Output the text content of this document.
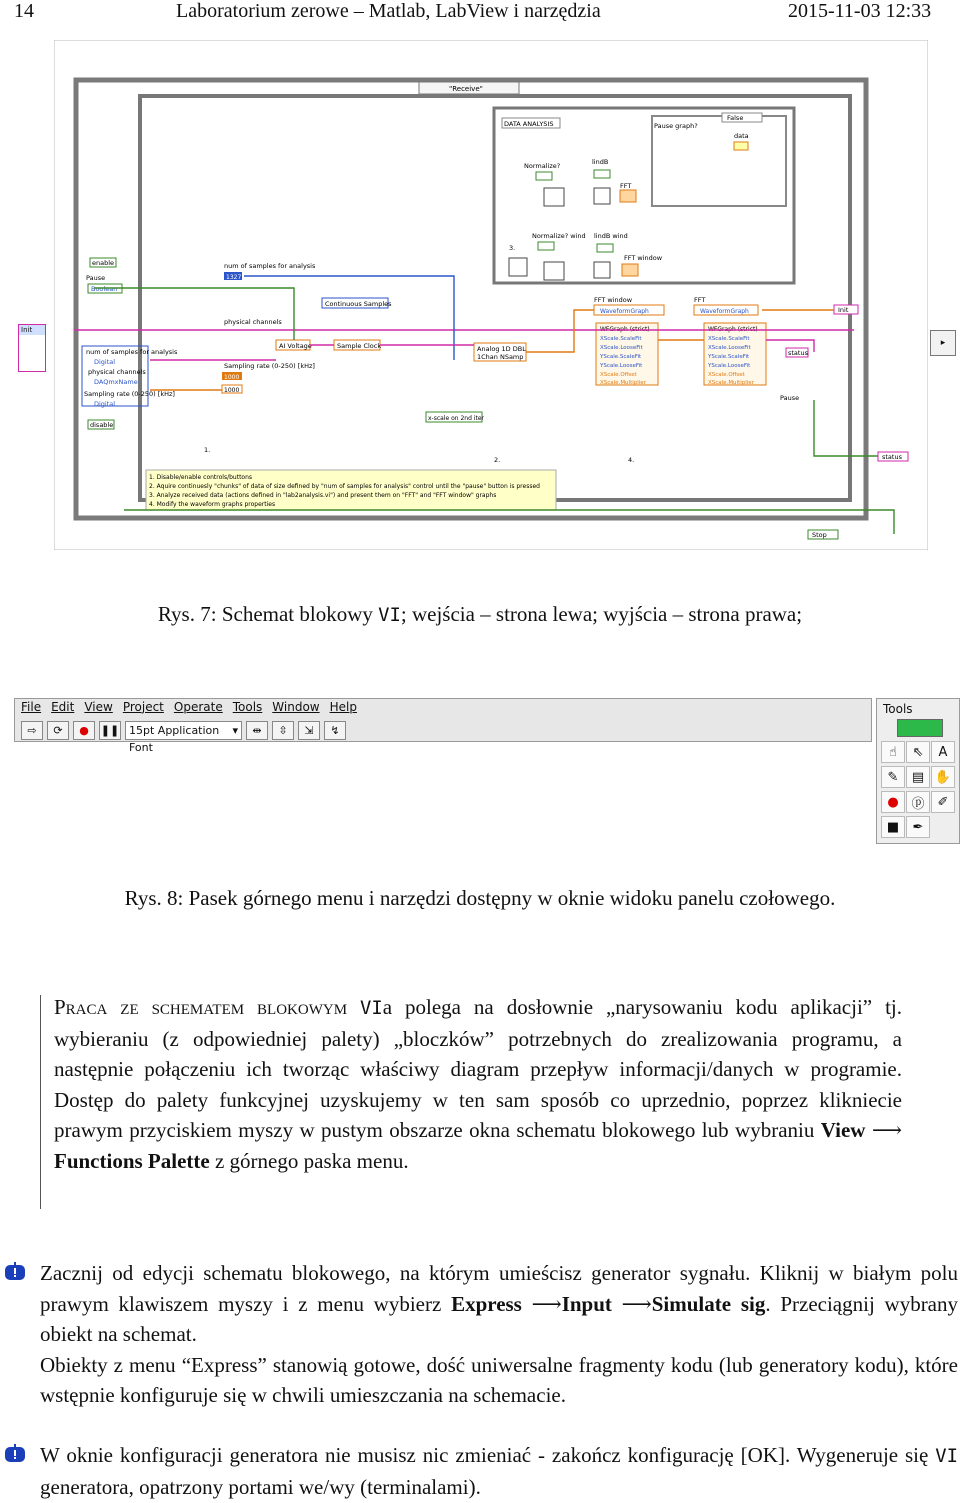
14	Laboratorium zerowe – Matlab, LabView i narzędzia	2015-11-03 12:33
"Receive"
DATA ANALYSIS
False
Pause graph?
data
Normalize?	lindB
FFT
3.
Normalize? wind lindB wind
FFT window
FFT window
WaveformGraph
FFT
WaveformGraph
WFGraph (strict)
XScale.ScaleFit
XScale.LooseFit
YScale.ScaleFit
YScale.LooseFit
XScale.Offset
XScale.Multiplier
WFGraph (strict)
XScale.ScaleFit
XScale.LooseFit
YScale.ScaleFit
YScale.LooseFit
XScale.Offset
XScale.Multiplier
enable
Pause
Boolean
num of samples for analysis
1327
num of samples for analysis
Digital
physical channels
DAQmxName
Sampling rate (0-250) [kHz]
Digital
disable
physical channels
AI Voltage	Sample Clock
Continuous Samples
Sampling rate (0-250) [kHz]
1000
1000
Analog 1D DBL
1Chan NSamp
x-scale on 2nd iter
Init
status
Pause
status
Stop
1.
2.	4.
1. Disable/enable controls/buttons
2. Aquire continuesly "chunks" of data of size defined by "num of samples for analysis" control until the "pause" button is pressed
3. Analyze received data (actions defined in "lab2analysis.vi") and present them on "FFT" and "FFT window" graphs
4. Modify the waveform graphs properties
Init
▸
Rys. 7: Schemat blokowy VI; wejścia – strona lewa; wyjścia – strona prawa;
File Edit View Project Operate Tools Window Help
⇨	⟳	●	❚❚ 15pt Application Font ▾
⇹	⇳	⇲	↯
Tools
☝	⇖	A
✎	▤ ✋
● ⓟ	✐
■	✒
Rys. 8: Pasek górnego menu i narzędzi dostępny w oknie widoku panelu czołowego.

Praca ze schematem blokowym VIa polega na dosłownie „narysowaniu kodu aplikacji” tj. wybieraniu (z odpowiedniej palety) „bloczków” potrzebnych do zrealizowania programu, a następnie połączeniu ich tworząc właściwy diagram przepływ informacji/danych w programie. Dostęp do palety funkcyjnej uzyskujemy w ten sam sposób co uprzednio, poprzez klikniecie prawym przyciskiem myszy w pustym obszarze okna schematu blokowego lub wybraniu View ⟶ Functions Palette z górnego paska menu.

Zacznij od edycji schematu blokowego, na którym umieścisz generator sygnału. Kliknij w białym polu prawym klawiszem myszy i z menu wybierz Express ⟶Input ⟶Simulate sig. Przeciągnij wybrany obiekt na schemat.

Obiekty z menu “Express” stanowią gotowe, dość uniwersalne fragmenty kodu (lub generatory kodu), które wstępnie konfiguruje się w chwili umieszczania na schemacie.

W oknie konfiguracji generatora nie musisz nic zmieniać - zakończ konfigurację [OK]. Wygeneruje się VI generatora, opatrzony portami we/wy (terminalami).
